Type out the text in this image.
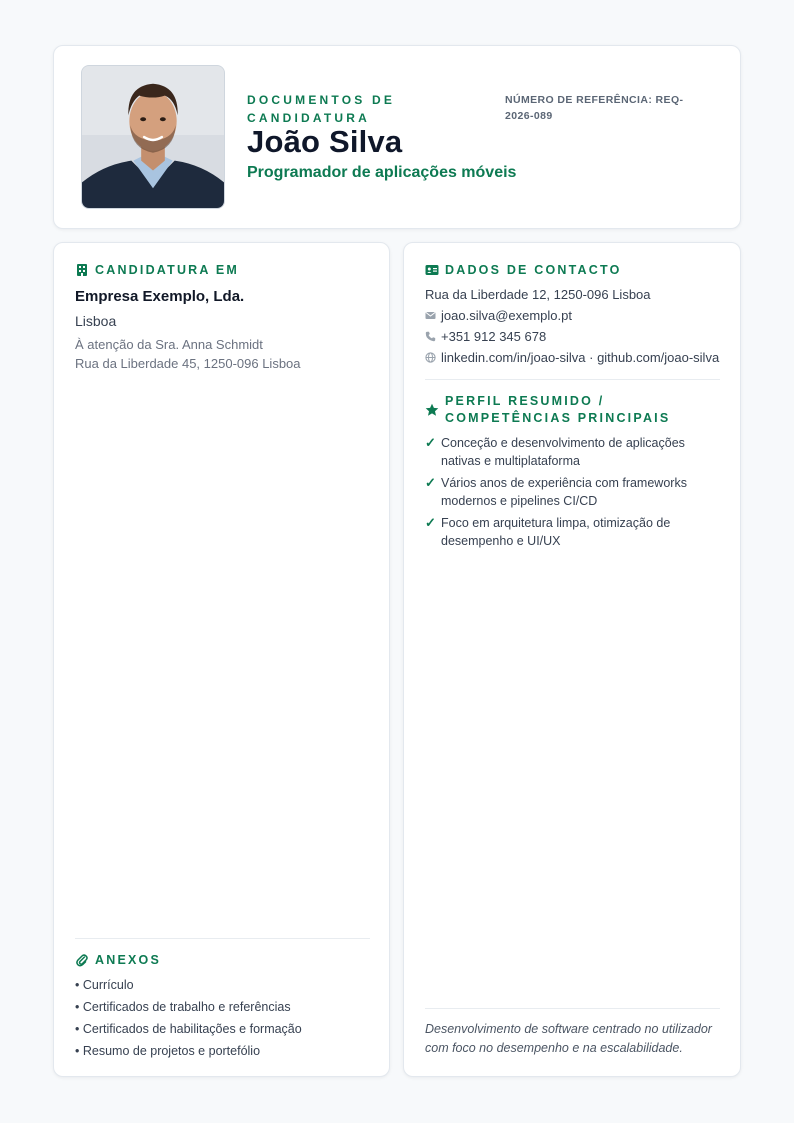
DOCUMENTOS DE CANDIDATURA
NÚMERO DE REFERÊNCIA: REQ-2026-089
João Silva
Programador de aplicações móveis
CANDIDATURA EM
Empresa Exemplo, Lda.
Lisboa
À atenção da Sra. Anna Schmidt
Rua da Liberdade 45, 1250-096 Lisboa
ANEXOS
• Currículo
• Certificados de trabalho e referências
• Certificados de habilitações e formação
• Resumo de projetos e portefólio
DADOS DE CONTACTO
Rua da Liberdade 12, 1250-096 Lisboa
joao.silva@exemplo.pt
+351 912 345 678
linkedin.com/in/joao-silva · github.com/joao-silva
PERFIL RESUMIDO / COMPETÊNCIAS PRINCIPAIS
✓ Conceção e desenvolvimento de aplicações nativas e multiplataforma
✓ Vários anos de experiência com frameworks modernos e pipelines CI/CD
✓ Foco em arquitetura limpa, otimização de desempenho e UI/UX
Desenvolvimento de software centrado no utilizador com foco no desempenho e na escalabilidade.
